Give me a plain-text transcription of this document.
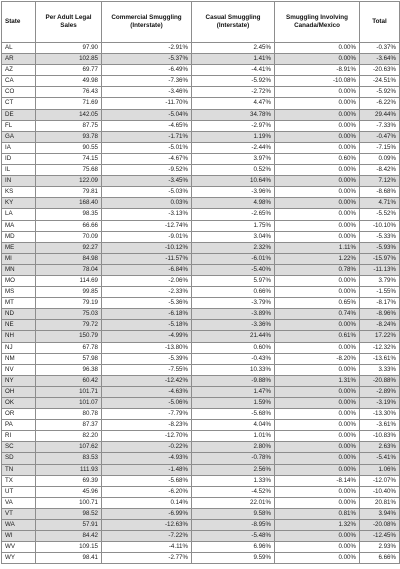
State	Per Adult Legal Sales	Commercial Smuggling (Interstate)	Casual Smuggling (Interstate)	Smuggling Involving Canada/Mexico	Total
AL	97.90	-2.91%	2.45%	0.00%	-0.37%
AR	102.85	-5.37%	1.41%	0.00%	-3.64%
AZ	69.77	-6.49%	-4.41%	-8.91%	-20.63%
CA	49.98	-7.36%	-5.92%	-10.08%	-24.51%
CO	76.43	-3.46%	-2.72%	0.00%	-5.92%
CT	71.69	-11.70%	4.47%	0.00%	-6.22%
DE	142.05	-5.04%	34.78%	0.00%	29.44%
FL	87.75	-4.65%	-2.97%	0.00%	-7.33%
GA	93.78	-1.71%	1.19%	0.00%	-0.47%
IA	90.55	-5.01%	-2.44%	0.00%	-7.15%
ID	74.15	-4.67%	3.97%	0.60%	0.09%
IL	75.68	-9.52%	0.52%	0.00%	-8.42%
IN	122.09	-3.45%	10.64%	0.00%	7.12%
KS	79.81	-5.03%	-3.96%	0.00%	-8.68%
KY	168.40	0.03%	4.98%	0.00%	4.71%
LA	98.35	-3.13%	-2.65%	0.00%	-5.52%
MA	66.66	-12.74%	1.75%	0.00%	-10.10%
MD	70.09	-9.01%	3.04%	0.00%	-5.33%
ME	92.27	-10.12%	2.32%	1.11%	-5.93%
MI	84.98	-11.57%	-6.01%	1.22%	-15.97%
MN	78.04	-6.84%	-5.40%	0.78%	-11.13%
MO	114.69	-2.06%	5.97%	0.00%	3.79%
MS	99.85	-2.33%	0.66%	0.00%	-1.55%
MT	79.19	-5.36%	-3.79%	0.65%	-8.17%
ND	75.03	-6.18%	-3.89%	0.74%	-8.96%
NE	79.72	-5.18%	-3.36%	0.00%	-8.24%
NH	150.79	-4.99%	21.44%	0.61%	17.22%
NJ	67.78	-13.80%	0.60%	0.00%	-12.32%
NM	57.98	-5.39%	-0.43%	-8.20%	-13.61%
NV	96.38	-7.55%	10.33%	0.00%	3.33%
NY	60.42	-12.42%	-9.88%	1.31%	-20.88%
OH	101.71	-4.63%	1.47%	0.00%	-2.89%
OK	101.07	-5.06%	1.59%	0.00%	-3.19%
OR	80.78	-7.79%	-5.68%	0.00%	-13.30%
PA	87.37	-8.23%	4.04%	0.00%	-3.61%
RI	82.20	-12.70%	1.01%	0.00%	-10.83%
SC	107.62	-0.22%	2.80%	0.00%	2.63%
SD	83.53	-4.93%	-0.78%	0.00%	-5.41%
TN	111.93	-1.48%	2.56%	0.00%	1.06%
TX	69.39	-5.68%	1.33%	-8.14%	-12.07%
UT	45.96	-6.20%	-4.52%	0.00%	-10.40%
VA	100.71	0.14%	22.01%	0.00%	20.81%
VT	98.52	-6.99%	9.58%	0.81%	3.94%
WA	57.91	-12.63%	-8.95%	1.32%	-20.08%
WI	84.42	-7.22%	-5.48%	0.00%	-12.45%
WV	109.15	-4.11%	6.96%	0.00%	2.93%
WY	98.41	-2.77%	9.59%	0.00%	6.66%
